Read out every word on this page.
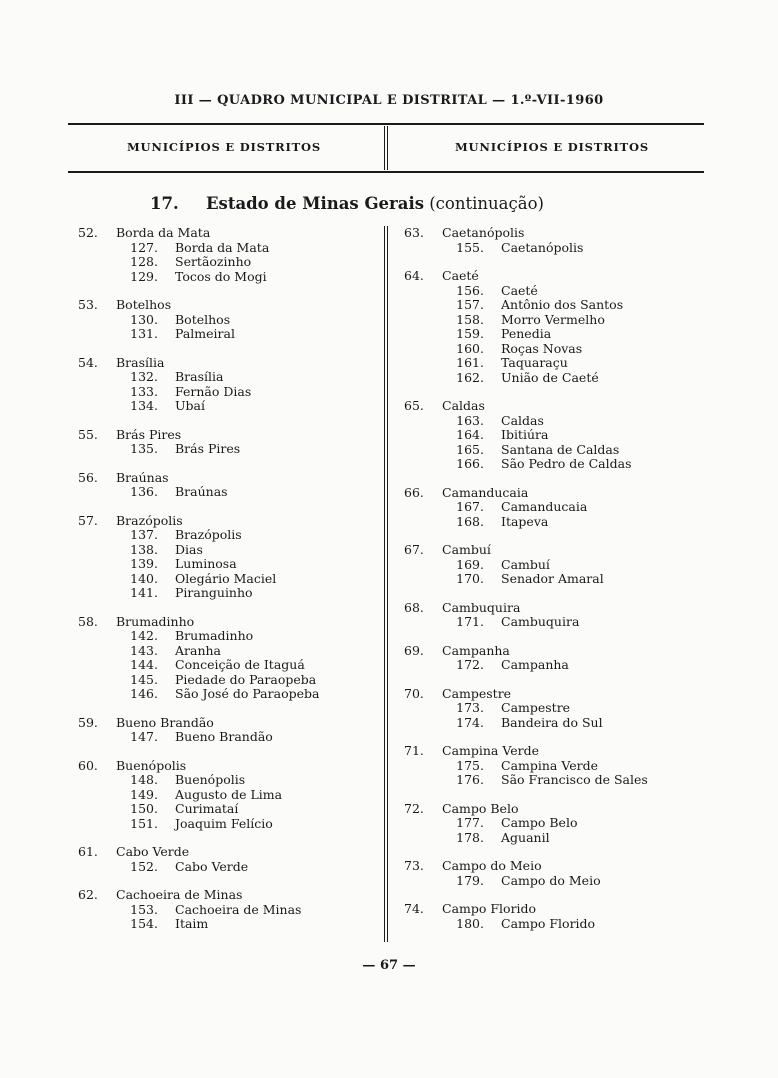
III — QUADRO MUNICIPAL E DISTRITAL — 1.º-VII-1960
MUNICÍPIOS E DISTRITOS	MUNICÍPIOS E DISTRITOS
17. Estado de Minas Gerais (continuação)
52. Borda da Mata
127. Borda da Mata
128. Sertãozinho
129. Tocos do Mogi
53. Botelhos
130. Botelhos
131. Palmeiral
54. Brasília
132. Brasília
133. Fernão Dias
134. Ubaí
55. Brás Pires
135. Brás Pires
56. Braúnas
136. Braúnas
57. Brazópolis
137. Brazópolis
138. Dias
139. Luminosa
140. Olegário Maciel
141. Piranguinho
58. Brumadinho
142. Brumadinho
143. Aranha
144. Conceição de Itaguá
145. Piedade do Paraopeba
146. São José do Paraopeba
59. Bueno Brandão
147. Bueno Brandão
60. Buenópolis
148. Buenópolis
149. Augusto de Lima
150. Curimataí
151. Joaquim Felício
61. Cabo Verde
152. Cabo Verde
62. Cachoeira de Minas
153. Cachoeira de Minas
154. Itaim
63. Caetanópolis
155. Caetanópolis
64. Caeté
156. Caeté
157. Antônio dos Santos
158. Morro Vermelho
159. Penedia
160. Roças Novas
161. Taquaraçu
162. União de Caeté
65. Caldas
163. Caldas
164. Ibitiúra
165. Santana de Caldas
166. São Pedro de Caldas
66. Camanducaia
167. Camanducaia
168. Itapeva
67. Cambuí
169. Cambuí
170. Senador Amaral
68. Cambuquira
171. Cambuquira
69. Campanha
172. Campanha
70. Campestre
173. Campestre
174. Bandeira do Sul
71. Campina Verde
175. Campina Verde
176. São Francisco de Sales
72. Campo Belo
177. Campo Belo
178. Aguanil
73. Campo do Meio
179. Campo do Meio
74. Campo Florido
180. Campo Florido
— 67 —
